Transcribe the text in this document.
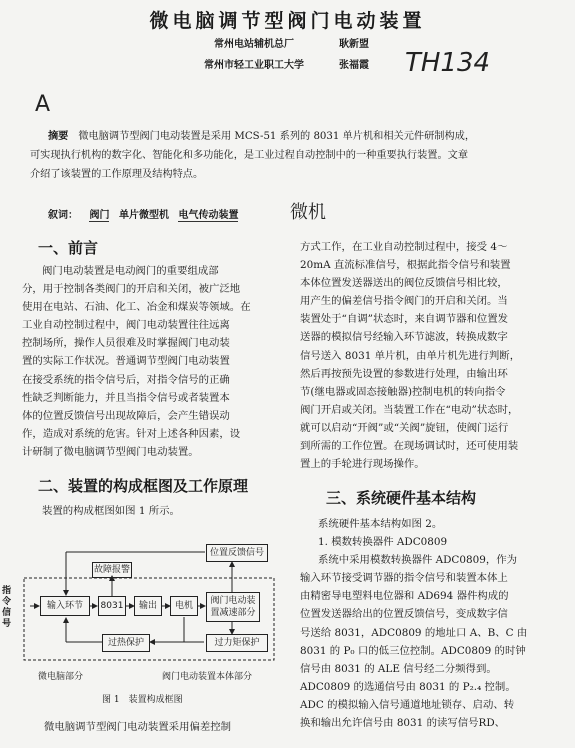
微电脑调节型阀门电动装置
常州电站辅机总厂	耿新盟
常州市轻工业职工大学	张福霞 TH134
A
摘要 微电脑调节型阀门电动装置是采用 MCS-51 系列的 8031 单片机和相关元件研制构成，
可实现执行机构的数字化、智能化和多功能化，是工业过程自动控制中的一种重要执行装置。文章
介绍了该装置的工作原理及结构特点。
叙词： 阀门 单片微型机 电气传动装置	微机
一、前言
阀门电动装置是电动阀门的重要组成部
分，用于控制各类阀门的开启和关闭，被广泛地
使用在电站、石油、化工、冶金和煤炭等领域。在
工业自动控制过程中，阀门电动装置往往远离
控制场所，操作人员很难及时掌握阀门电动装
置的实际工作状况。普通调节型阀门电动装置
在接受系统的指令信号后，对指令信号的正确
性缺乏判断能力，并且当指令信号或者装置本
体的位置反馈信号出现故障后，会产生错误动
作，造成对系统的危害。针对上述各种因素，设
计研制了微电脑调节型阀门电动装置。
二、装置的构成框图及工作原理
装置的构成框图如图 1 所示。
指令信号
故障报警
输入环节	8031	输出	电机	阀门电动装置减速部分
位置反馈信号
过热保护	过力矩保护
微电脑部分	阀门电动装置本体部分
图 1　装置构成框图
微电脑调节型阀门电动装置采用偏差控制
方式工作，在工业自动控制过程中，接受 4～
20mA 直流标准信号，根据此指令信号和装置
本体位置发送器送出的阀位反馈信号相比较，
用产生的偏差信号指令阀门的开启和关闭。当
装置处于“自调”状态时，来自调节器和位置发
送器的模拟信号经输入环节滤波，转换成数字
信号送入 8031 单片机，由单片机先进行判断，
然后再按预先设置的参数进行处理，由输出环
节(继电器或固态接触器)控制电机的转向指令
阀门开启或关闭。当装置工作在“电动”状态时，
就可以启动“开阀”或“关阀”旋钮，使阀门运行
到所需的工作位置。在现场调试时，还可使用装
置上的手轮进行现场操作。
三、系统硬件基本结构
系统硬件基本结构如图 2。
1. 模数转换器件 ADC0809
系统中采用模数转换器件 ADC0809，作为
输入环节接受调节器的指令信号和装置本体上
由精密导电塑料电位器和 AD694 器件构成的
位置发送器给出的位置反馈信号，变成数字信
号送给 8031，ADC0809 的地址口 A、B、C 由
8031 的 P₀ 口的低三位控制。ADC0809 的时钟
信号由 8031 的 ALE 信号经二分频得到。
ADC0809 的选通信号由 8031 的 P₂.₄ 控制。
ADC 的模拟输入信号通道地址锁存、启动、转
换和输出允许信号由 8031 的读写信号RD、
